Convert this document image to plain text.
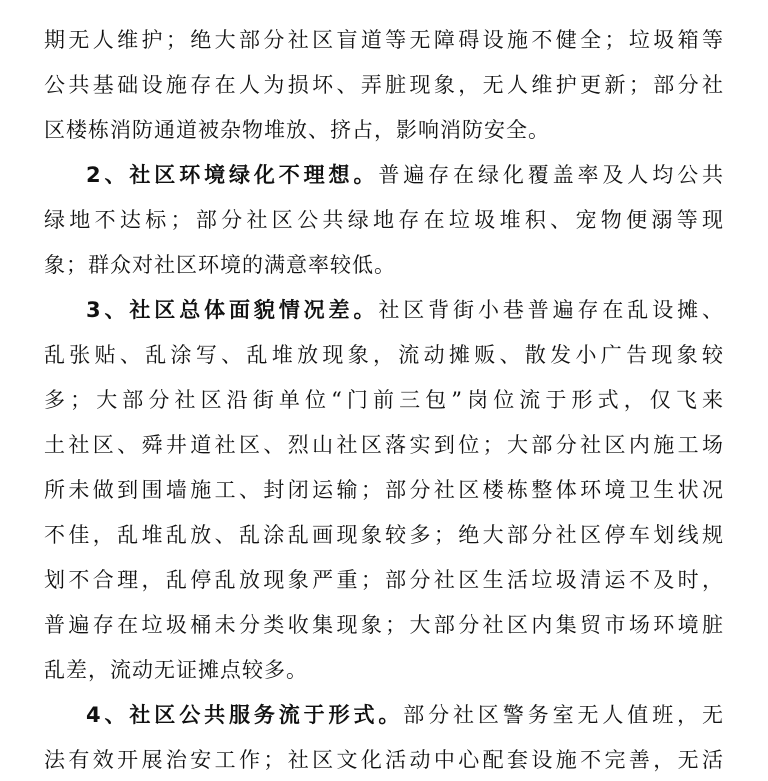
期无人维护；绝大部分社区盲道等无障碍设施不健全；垃圾箱等
公共基础设施存在人为损坏、弄脏现象，无人维护更新；部分社
区楼栋消防通道被杂物堆放、挤占，影响消防安全。
2、社区环境绿化不理想。普遍存在绿化覆盖率及人均公共
绿地不达标；部分社区公共绿地存在垃圾堆积、宠物便溺等现
象；群众对社区环境的满意率较低。
3、社区总体面貌情况差。社区背街小巷普遍存在乱设摊、
乱张贴、乱涂写、乱堆放现象，流动摊贩、散发小广告现象较
多；大部分社区沿街单位“门前三包”岗位流于形式，仅飞来
土社区、舜井道社区、烈山社区落实到位；大部分社区内施工场
所未做到围墙施工、封闭运输；部分社区楼栋整体环境卫生状况
不佳，乱堆乱放、乱涂乱画现象较多；绝大部分社区停车划线规
划不合理，乱停乱放现象严重；部分社区生活垃圾清运不及时，
普遍存在垃圾桶未分类收集现象；大部分社区内集贸市场环境脏
乱差，流动无证摊点较多。
4、社区公共服务流于形式。部分社区警务室无人值班，无
法有效开展治安工作；社区文化活动中心配套设施不完善，无活
